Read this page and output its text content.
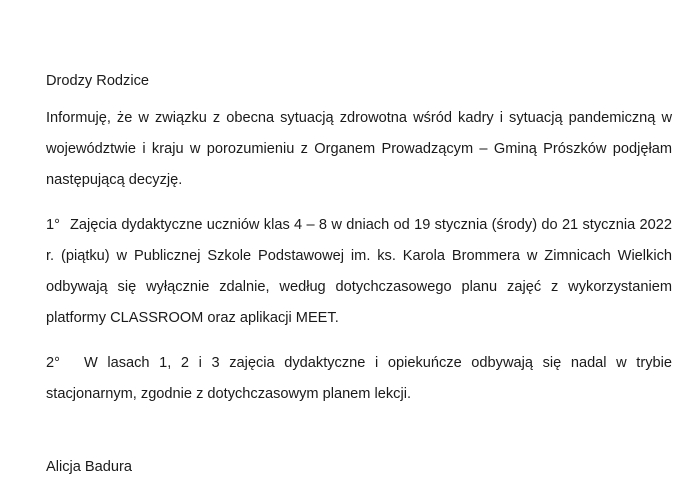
Drodzy Rodzice

Informuję, że w związku z obecna sytuacją zdrowotna wśród kadry i sytuacją pandemiczną w województwie i kraju w porozumieniu z Organem Prowadzącym – Gminą Prószków podjęłam następującą decyzję.

1° Zajęcia dydaktyczne uczniów klas 4 – 8 w dniach od 19 stycznia (środy) do 21 stycznia 2022 r. (piątku) w Publicznej Szkole Podstawowej im. ks. Karola Brommera w Zimnicach Wielkich odbywają się wyłącznie zdalnie, według dotychczasowego planu zajęć z wykorzystaniem platformy CLASSROOM oraz aplikacji MEET.

2° W lasach 1, 2 i 3 zajęcia dydaktyczne i opiekuńcze odbywają się nadal w trybie stacjonarnym, zgodnie z dotychczasowym planem lekcji.

Alicja Badura
